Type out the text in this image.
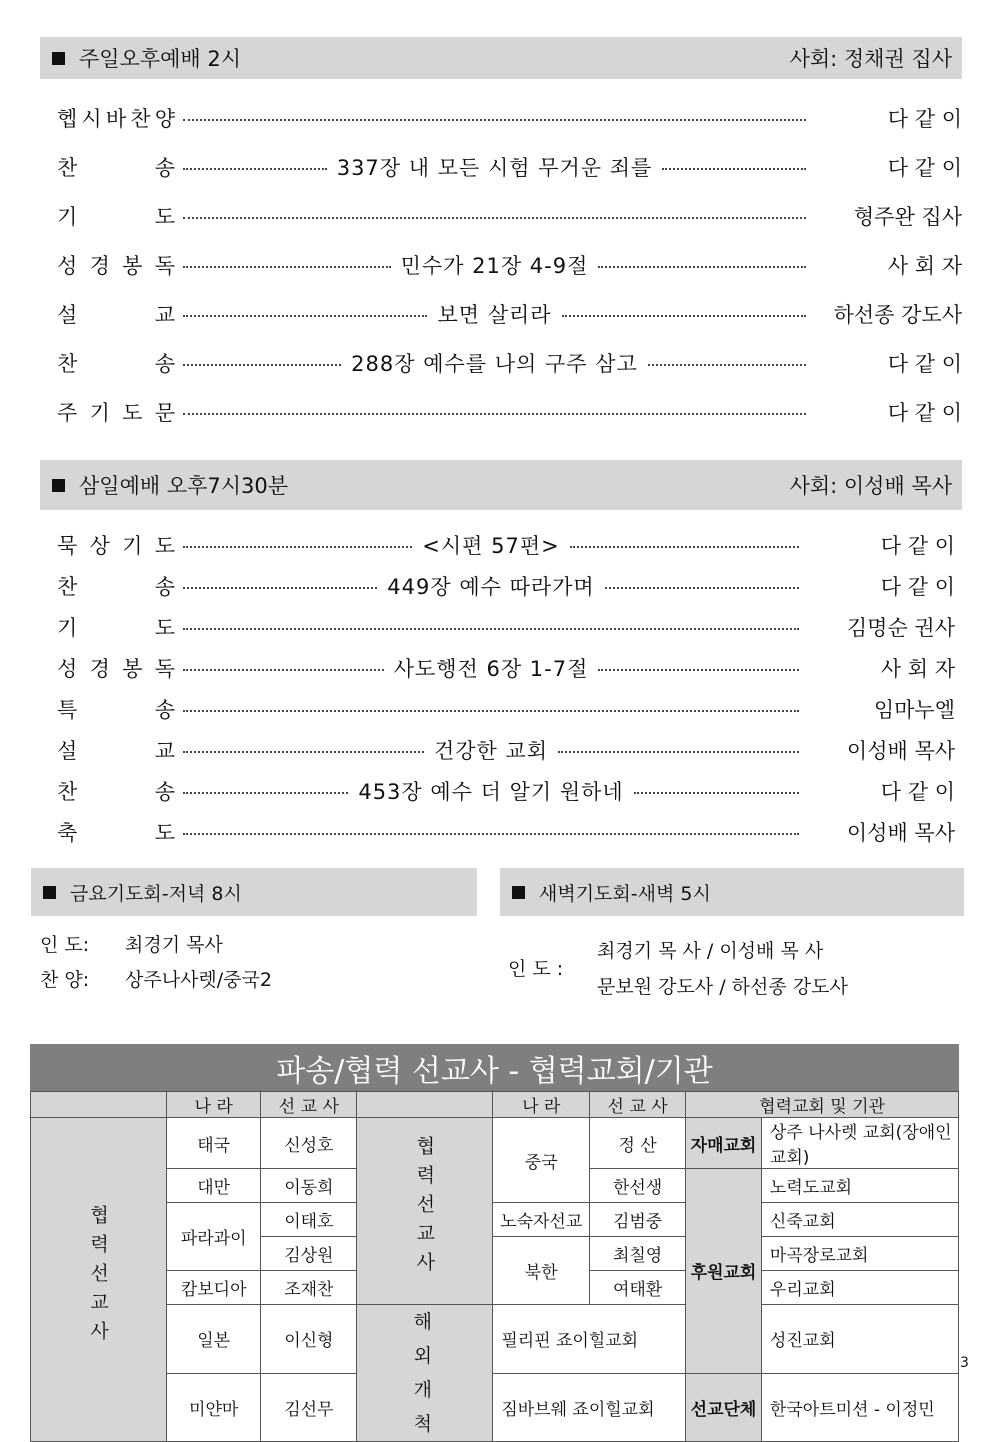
주일오후예배 2시	사회: 정채권 집사
헵 시 바 찬 양	다 같 이
찬	송	337장 내 모든 시험 무거운 죄를	다 같 이
기	도	형주완 집사
성 경 봉 독	민수가 21장 4-9절	사 회 자
설	교	보면 살리라	하선종 강도사
찬	송	288장 예수를 나의 구주 삼고	다 같 이
주 기 도 문	다 같 이
삼일예배 오후7시30분	사회: 이성배 목사
묵 상 기 도	<시편 57편>	다 같 이
찬	송	449장 예수 따라가며	다 같 이
기	도	김명순 권사
성 경 봉 독	사도행전 6장 1-7절	사 회 자
특	송	임마누엘
설	교	건강한 교회	이성배 목사
찬	송	453장 예수 더 알기 원하네	다 같 이
축	도	이성배 목사
금요기도회-저녁 8시
인 도: 최경기 목사
찬 양: 상주나사렛/중국2
새벽기도회-새벽 5시
인 도 :
최경기 목 사 / 이성배 목 사
문보원 강도사 / 하선종 강도사
파송/협력 선교사 - 협력교회/기관
	나 라	선 교 사		나 라	선 교 사	협력교회 및 기관	
협력선교사	태국	신성호	협력선교사	중국	정 산	자매교회	상주 나사렛 교회(장애인교회)
	대만	이동희			한선생	후원교회	노력도교회
	파라과이	이태호		노숙자선교	김범중		신죽교회
		김상원		북한	최칠영		마곡장로교회
	캄보디아	조재찬			여태환		우리교회
	일본	이신형	해외개척	필리핀 죠이힐교회			성진교회
	미얀마	김선무		짐바브웨 죠이힐교회		선교단체	한국아트미션 - 이정민
3
